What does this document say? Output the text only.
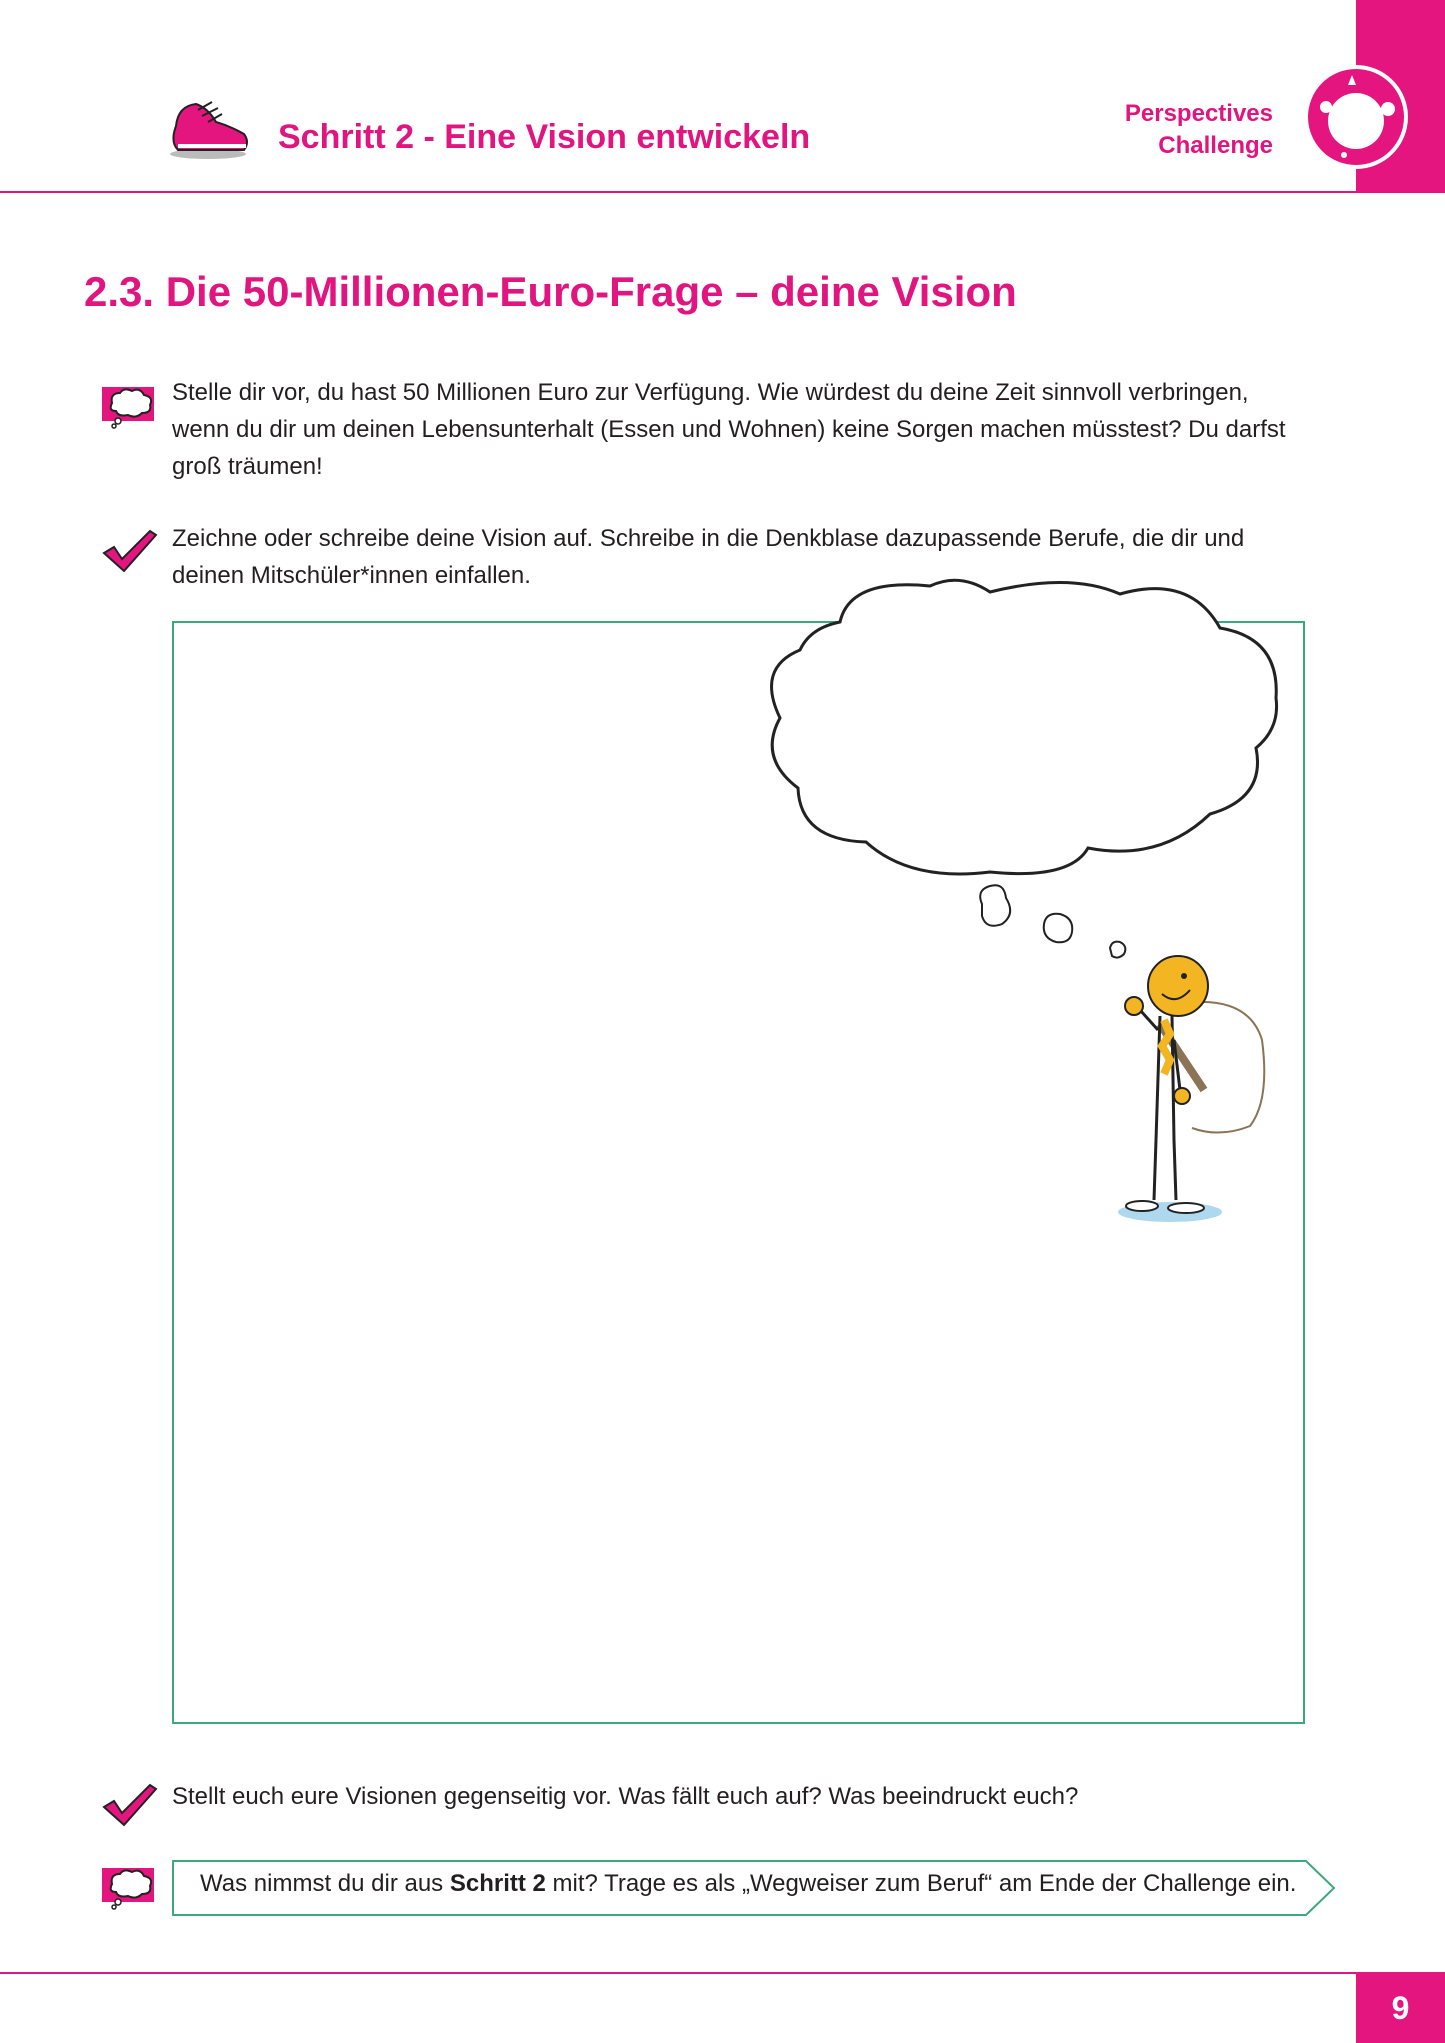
Schritt 2 - Eine Vision entwickeln
Perspectives
Challenge
2.3. Die 50-Millionen-Euro-Frage – deine Vision
Stelle dir vor, du hast 50 Millionen Euro zur Verfügung. Wie würdest du deine Zeit sinnvoll verbringen,
wenn du dir um deinen Lebensunterhalt (Essen und Wohnen) keine Sorgen machen müsstest? Du darfst
groß träumen!
Zeichne oder schreibe deine Vision auf. Schreibe in die Denkblase dazupassende Berufe, die dir und
deinen Mitschüler*innen einfallen.
Stellt euch eure Visionen gegenseitig vor. Was fällt euch auf? Was beeindruckt euch?
Was nimmst du dir aus Schritt 2 mit? Trage es als „Wegweiser zum Beruf“ am Ende der Challenge ein.
9
